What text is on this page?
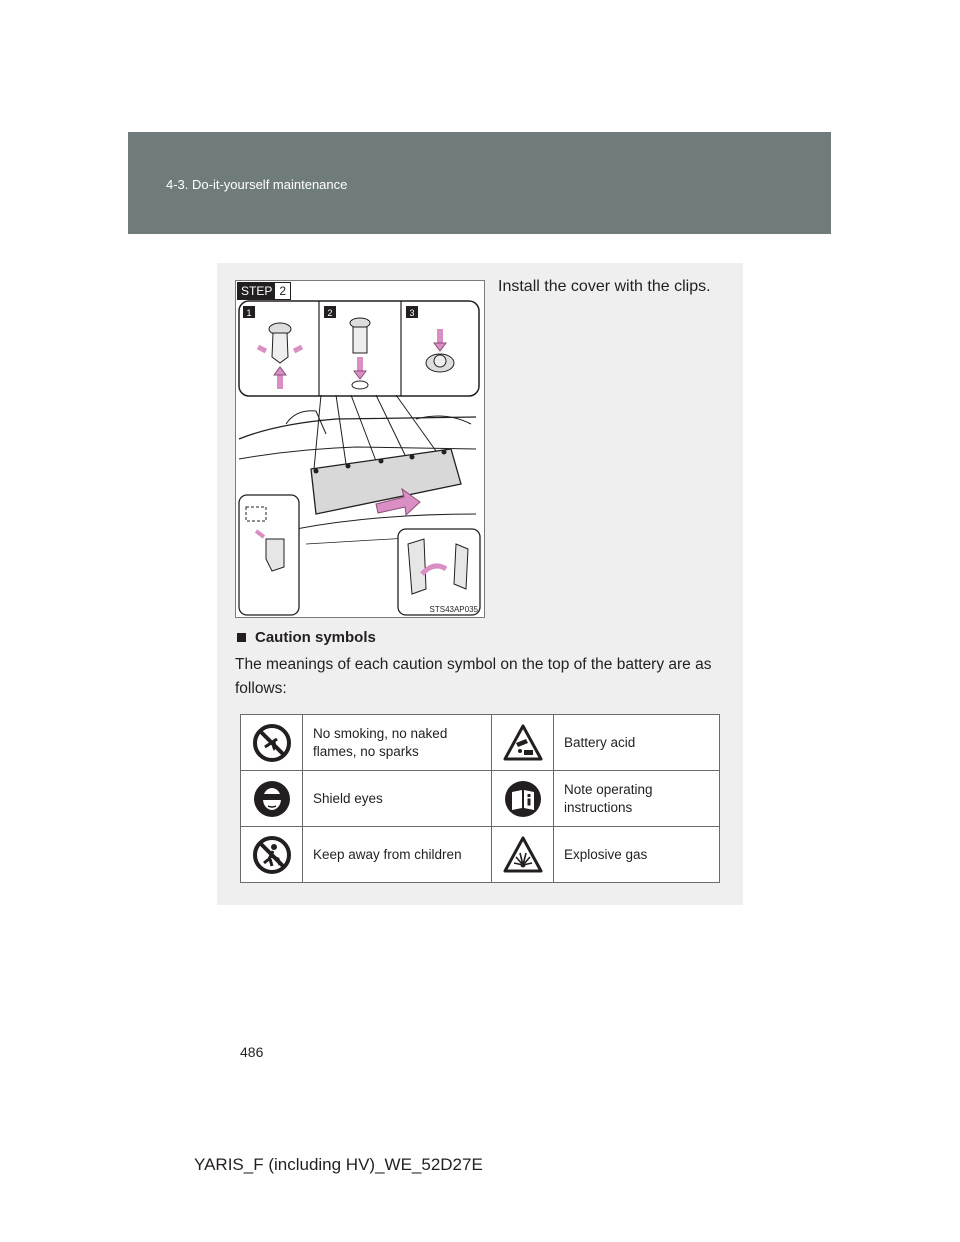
4-3. Do-it-yourself maintenance
STEP 2
1	2	3
STS43AP035
Install the cover with the clips.
Caution symbols
The meanings of each caution symbol on the top of the battery are as follows:
	No smoking, no naked flames, no sparks		Battery acid

	Shield eyes		Note operating instructions

	Keep away from children		Explosive gas
486
YARIS_F (including HV)_WE_52D27E
